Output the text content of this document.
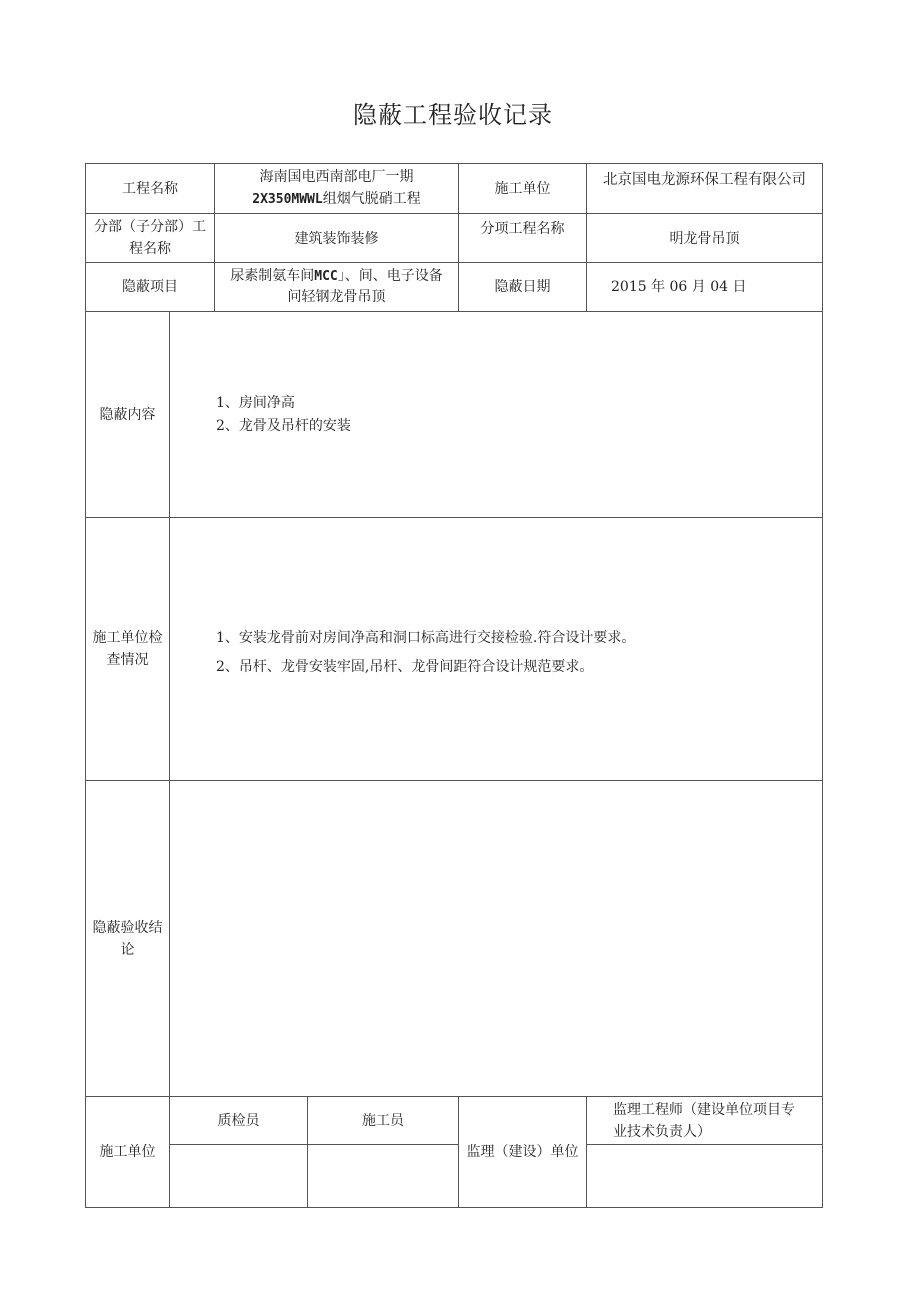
隐蔽工程验收记录
工程名称
海南国电西南部电厂一期
2X350MWWL组烟气脱硝工程
施工单位
北京国电龙源环保工程有限公司
分部（子分部）工
程名称
建筑装饰装修
分项工程名称
明龙骨吊顶
隐蔽项目
尿素制氨车间MCC」、间、电子设备
问轻钢龙骨吊顶
隐蔽日期	2015 年 06 月 04 日
隐蔽内容
1、房间净高
2、龙骨及吊杆的安装
施工单位检
查情况
1、安装龙骨前对房间净高和洞口标高进行交接检验.符合设计要求。
2、吊杆、龙骨安装牢固,吊杆、龙骨间距符合设计规范要求。
隐蔽验收结
论
施工单位
质检员	施工员
监理（建设）单位
监理工程师（建设单位项目专
业技术负责人）
